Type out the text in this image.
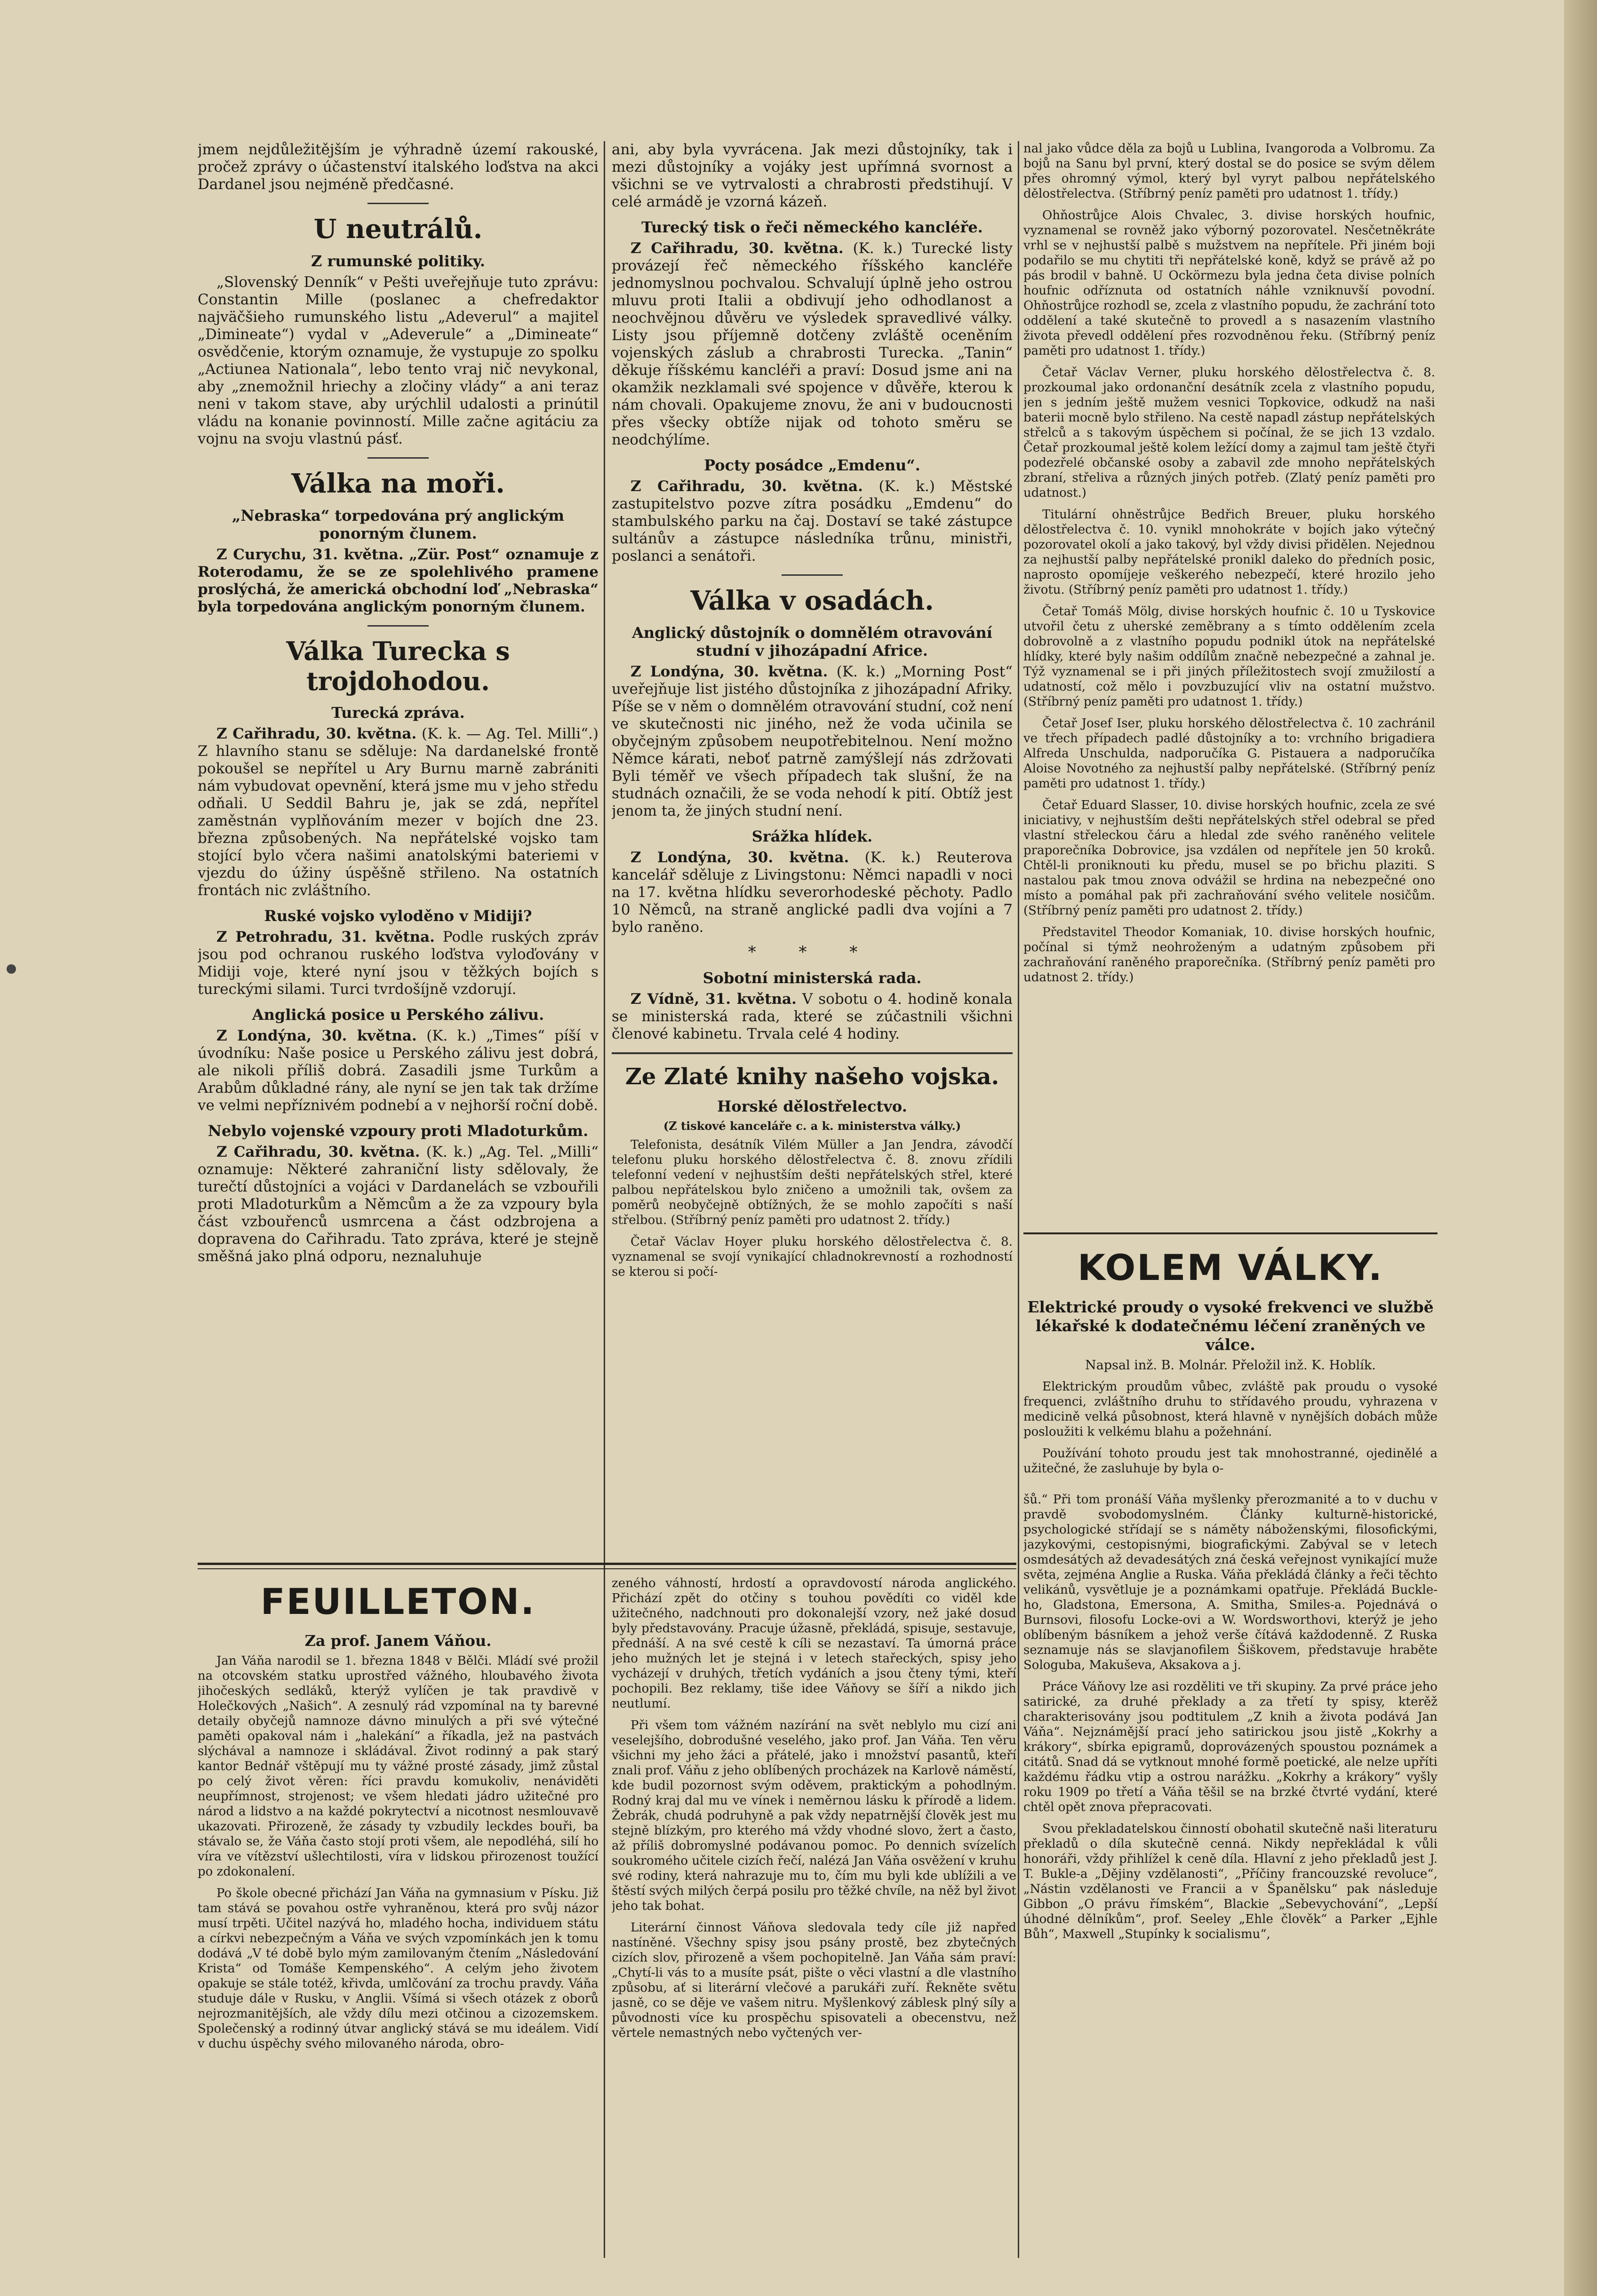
jmem nejdůležitějším je výhradně území rakouské, pročež zprávy o účastenství italského loďstva na akci Dardanel jsou nejméně předčasné.

U neutrálů.
Z rumunské politiky.

„Slovenský Denník“ v Pešti uveřejňuje tuto zprávu: Constantin Mille (poslanec a chefredaktor najväčšieho rumunského listu „Adeverul“ a majiteľ „Dimineate“) vydal v „Adeverule“ a „Dimineate“ osvědčenie, ktorým oznamuje, že vystupuje zo spolku „Actiunea Nationala“, lebo tento vraj nič nevykonal, aby „znemožnil hriechy a zločiny vlády“ a ani teraz neni v takom stave, aby urýchlil udalosti a prinútil vládu na konanie povinností. Mille začne agitáciu za vojnu na svoju vlastnú pásť.

Válka na moři.
„Nebraska“ torpedována prý anglickým ponorným člunem.

Z Curychu, 31. května. „Zür. Post“ oznamuje z Roterodamu, že se ze spolehlivého pramene proslýchá, že americká obchodní loď „Nebraska“ byla torpedována anglickým ponorným člunem.

Válka Turecka s trojdohodou.
Turecká zpráva.

Z Cařihradu, 30. května. (K. k. — Ag. Tel. Milli“.) Z hlavního stanu se sděluje: Na dardanelské frontě pokoušel se nepřítel u Ary Burnu marně zabrániti nám vybudovat opevnění, která jsme mu v jeho středu odňali. U Seddil Bahru je, jak se zdá, nepřítel zaměstnán vyplňováním mezer v bojích dne 23. března způsobených. Na nepřátelské vojsko tam stojící bylo včera našimi anatolskými bateriemi v vjezdu do úžiny úspěšně střileno. Na ostatních frontách nic zvláštního.

Ruské vojsko vyloděno v Midiji?

Z Petrohradu, 31. května. Podle ruských zpráv jsou pod ochranou ruského loďstva vyloďovány v Midiji voje, které nyní jsou v těžkých bojích s tureckými silami. Turci tvrdošíjně vzdorují.

Anglická posice u Perského zálivu.

Z Londýna, 30. května. (K. k.) „Times“ píší v úvodníku: Naše posice u Perského zálivu jest dobrá, ale nikoli příliš dobrá. Zasadili jsme Turkům a Arabům důkladné rány, ale nyní se jen tak tak držíme ve velmi nepříznivém podnebí a v nejhorší roční době.

Nebylo vojenské vzpoury proti Mladoturkům.

Z Cařihradu, 30. května. (K. k.) „Ag. Tel. „Milli“ oznamuje: Některé zahraniční listy sdělovaly, že turečtí důstojníci a vojáci v Dardanelách se vzbouřili proti Mladoturkům a Němcům a že za vzpoury byla část vzbouřenců usmrcena a část odzbrojena a dopravena do Cařihradu. Tato zpráva, které je stejně směšná jako plná odporu, neznaluhuje

ani, aby byla vyvrácena. Jak mezi důstojníky, tak i mezi důstojníky a vojáky jest upřímná svornost a všichni se ve vytrvalosti a chrabrosti předstihují. V celé armádě je vzorná kázeň.

Turecký tisk o řeči německého kancléře.

Z Cařihradu, 30. května. (K. k.) Turecké listy provázejí řeč německého říšského kancléře jednomyslnou pochvalou. Schvalují úplně jeho ostrou mluvu proti Italii a obdivují jeho odhodlanost a neochvějnou důvěru ve výsledek spravedlivé války. Listy jsou příjemně dotčeny zvláště oceněním vojenských záslub a chrabrosti Turecka. „Tanin“ děkuje říšskému kancléři a praví: Dosud jsme ani na okamžik nezklamali své spojence v důvěře, kterou k nám chovali. Opakujeme znovu, že ani v budoucnosti přes všecky obtíže nijak od tohoto směru se neodchýlíme.

Pocty posádce „Emdenu“.

Z Cařihradu, 30. května. (K. k.) Městské zastupitelstvo pozve zítra posádku „Emdenu“ do stambulského parku na čaj. Dostaví se také zástupce sultánův a zástupce následníka trůnu, ministři, poslanci a senátoři.

Válka v osadách.
Anglický důstojník o domnělém otravování studní v jihozápadní Africe.

Z Londýna, 30. května. (K. k.) „Morning Post“ uveřejňuje list jistého důstojníka z jihozápadní Afriky. Píše se v něm o domnělém otravování studní, což není ve skutečnosti nic jiného, než že voda učinila se obyčejným způsobem neupotřebitelnou. Není možno Němce kárati, neboť patrně zamýšlejí nás zdržovati Byli téměř ve všech případech tak slušní, že na studnách označili, že se voda nehodí k pití. Obtíž jest jenom ta, že jiných studní není.

Srážka hlídek.

Z Londýna, 30. května. (K. k.) Reuterova kancelář sděluje z Livingstonu: Němci napadli v noci na 17. května hlídku severorhodeské pěchoty. Padlo 10 Němců, na straně anglické padli dva vojíni a 7 bylo raněno.

* * *
Sobotní ministerská rada.

Z Vídně, 31. května. V sobotu o 4. hodině konala se ministerská rada, které se zúčastnili všichni členové kabinetu. Trvala celé 4 hodiny.

Ze Zlaté knihy našeho vojska.
Horské dělostřelectvo.
(Z tiskové kanceláře c. a k. ministerstva války.)

Telefonista, desátník Vilém Müller a Jan Jendra, závodčí telefonu pluku horského dělostřelectva č. 8. znovu zřídili telefonní vedení v nejhustším dešti nepřátelských střel, které palbou nepřátelskou bylo zničeno a umožnili tak, ovšem za poměrů neobyčejně obtížných, že se mohlo započíti s naší střelbou. (Stříbrný peníz paměti pro udatnost 2. třídy.)

Četař Václav Hoyer pluku horského dělostřelectva č. 8. vyznamenal se svojí vynikající chladnokrevností a rozhodností se kterou si počí-

nal jako vůdce děla za bojů u Lublina, Ivangoroda a Volbromu. Za bojů na Sanu byl první, který dostal se do posice se svým dělem přes ohromný výmol, který byl vyryt palbou nepřátelského dělostřelectva. (Stříbrný peníz paměti pro udatnost 1. třídy.)

Ohňostrůjce Alois Chvalec, 3. divise horských houfnic, vyznamenal se rovněž jako výborný pozorovatel. Nesčetněkráte vrhl se v nejhustší palbě s mužstvem na nepřítele. Při jiném boji podařilo se mu chytiti tři nepřátelské koně, když se právě až po pás brodil v bahně. U Ockörmezu byla jedna četa divise polních houfnic odříznuta od ostatních náhle vzniknuvší povodní. Ohňostrůjce rozhodl se, zcela z vlastního popudu, že zachrání toto oddělení a také skutečně to provedl a s nasazením vlastního života převedl oddělení přes rozvodněnou řeku. (Stříbrný peníz paměti pro udatnost 1. třídy.)

Četař Václav Verner, pluku horského dělostřelectva č. 8. prozkoumal jako ordonanční desátník zcela z vlastního popudu, jen s jedním ještě mužem vesnici Topkovice, odkudž na naši baterii mocně bylo střileno. Na cestě napadl zástup nepřátelských střelců a s takovým úspěchem si počínal, že se jich 13 vzdalo. Četař prozkoumal ještě kolem ležící domy a zajmul tam ještě čtyři podezřelé občanské osoby a zabavil zde mnoho nepřátelských zbraní, střeliva a různých jiných potřeb. (Zlatý peníz paměti pro udatnost.)

Titulární ohněstrůjce Bedřich Breuer, pluku horského dělostřelectva č. 10. vynikl mnohokráte v bojích jako výtečný pozorovatel okolí a jako takový, byl vždy divisi přidělen. Nejednou za nejhustší palby nepřátelské pronikl daleko do předních posic, naprosto opomíjeje veškerého nebezpečí, které hrozilo jeho životu. (Stříbrný peníz paměti pro udatnost 1. třídy.)

Četař Tomáš Mölg, divise horských houfnic č. 10 u Tyskovice utvořil četu z uherské zeměbrany a s tímto oddělením zcela dobrovolně a z vlastního popudu podnikl útok na nepřátelské hlídky, které byly našim oddílům značně nebezpečné a zahnal je. Týž vyznamenal se i při jiných příležitostech svojí zmužilostí a udatností, což mělo i povzbuzující vliv na ostatní mužstvo. (Stříbrný peníz paměti pro udatnost 1. třídy.)

Četař Josef Iser, pluku horského dělostřelectva č. 10 zachránil ve třech případech padlé důstojníky a to: vrchního brigadiera Alfreda Unschulda, nadporučíka G. Pistauera a nadporučíka Aloise Novotného za nejhustší palby nepřátelské. (Stříbrný peníz paměti pro udatnost 1. třídy.)

Četař Eduard Slasser, 10. divise horských houfnic, zcela ze své iniciativy, v nejhustším dešti nepřátelských střel odebral se před vlastní střeleckou čáru a hledal zde svého raněného velitele praporečníka Dobrovice, jsa vzdálen od nepřítele jen 50 kroků. Chtěl-li proniknouti ku předu, musel se po břichu plaziti. S nastalou pak tmou znova odvážil se hrdina na nebezpečné ono místo a pomáhal pak při zachraňování svého velitele nosičům. (Stříbrný peníz paměti pro udatnost 2. třídy.)

Představitel Theodor Komaniak, 10. divise horských houfnic, počínal si týmž neohroženým a udatným způsobem při zachraňování raněného praporečníka. (Stříbrný peníz paměti pro udatnost 2. třídy.)

KOLEM VÁLKY.
Elektrické proudy o vysoké frekvenci ve službě lékařské k dodatečnému léčení zraněných ve válce.
Napsal inž. B. Molnár. Přeložil inž. K. Hoblík.

Elektrickým proudům vůbec, zvláště pak proudu o vysoké frequenci, zvláštního druhu to střídavého proudu, vyhrazena v medicině velká působnost, která hlavně v nynějších dobách může posloužiti k velkému blahu a požehnání.

Používání tohoto proudu jest tak mnohostranné, ojedinělé a užitečné, že zasluhuje by byla o-

šů.“ Při tom pronáší Váňa myšlenky přerozmanité a to v duchu v pravdě svobodomyslném. Články kulturně-historické, psychologické střídají se s náměty náboženskými, filosofickými, jazykovými, cestopisnými, biografickými. Zabýval se v letech osmdesátých až devadesátých zná česká veřejnost vynikající muže světa, zejména Anglie a Ruska. Váňa překládá články a řeči těchto velikánů, vysvětluje je a poznámkami opatřuje. Překládá Buckle-ho, Gladstona, Emersona, A. Smitha, Smiles-a. Pojednává o Burnsovi, filosofu Locke-ovi a W. Wordsworthovi, kterýž je jeho oblíbeným básníkem a jehož verše čítává každodenně. Z Ruska seznamuje nás se slavjanofilem Šiškovem, představuje hraběte Sologuba, Makuševa, Aksakova a j.

Práce Váňovy lze asi rozděliti ve tři skupiny. Za prvé práce jeho satirické, za druhé překlady a za třetí ty spisy, kterěž charakterisovány jsou podtitulem „Z knih a života podává Jan Váňa“. Nejznámější prací jeho satirickou jsou jistě „Kokrhy a krákory“, sbírka epigramů, doprovázených spoustou poznámek a citátů. Snad dá se vytknout mnohé formě poetické, ale nelze upříti každému řádku vtip a ostrou narážku. „Kokrhy a krákory“ vyšly roku 1909 po třetí a Váňa těšil se na brzké čtvrté vydání, které chtěl opět znova přepracovati.

Svou překladatelskou činností obohatil skutečně naši literaturu překladů o díla skutečně cenná. Nikdy nepřekládal k vůli honoráři, vždy přihlížel k ceně díla. Hlavní z jeho překladů jest J. T. Bukle-a „Dějiny vzdělanosti“, „Příčiny francouzské revoluce“, „Nástin vzdělanosti ve Francii a v Španělsku“ pak následuje Gibbon „O právu římském“, Blackie „Sebevychování“, „Lepší úhodné dělníkům“, prof. Seeley „Ehle člověk“ a Parker „Ejhle Bůh“, Maxwell „Stupínky k socialismu“,

FEUILLETON.
Za prof. Janem Váňou.

Jan Váňa narodil se 1. března 1848 v Bělči. Mládí své prožil na otcovském statku uprostřed vážného, hloubavého života jihočeských sedláků, kterýž vylíčen je tak pravdivě v Holečkových „Našich“. A zesnulý rád vzpomínal na ty barevné detaily obyčejů namnoze dávno minulých a při své výtečné paměti opakoval nám i „halekání“ a říkadla, jež na pastvách slýchával a namnoze i skládával. Život rodinný a pak starý kantor Bednář vštěpují mu ty vážné prosté zásady, jimž zůstal po celý život věren: říci pravdu komukoliv, nenáviděti neupřímnost, strojenost; ve všem hledati jádro užitečné pro národ a lidstvo a na každé pokrytectví a nicotnost nesmlouvavě ukazovati. Přirozeně, že zásady ty vzbudily leckdes bouři, ba stávalo se, že Váňa často stojí proti všem, ale nepodléhá, silí ho víra ve vítězství ušlechtilosti, víra v lidskou přirozenost toužící po zdokonalení.

Po škole obecné přichází Jan Váňa na gymnasium v Písku. Již tam stává se povahou ostře vyhraněnou, která pro svůj názor musí trpěti. Učitel nazývá ho, mladého hocha, individuem státu a církvi nebezpečným a Váňa ve svých vzpomínkách jen k tomu dodává „V té době bylo mým zamilovaným čtením „Následování Krista“ od Tomáše Kempenského“. A celým jeho životem opakuje se stále totéž, křivda, umlčování za trochu pravdy. Váňa studuje dále v Rusku, v Anglii. Všímá si všech otázek z oborů nejrozmanitějších, ale vždy dílu mezi otčinou a cizozemskem. Společenský a rodinný útvar anglický stává se mu ideálem. Vidí v duchu úspěchy svého milovaného národa, obro-

zeného váhností, hrdostí a opravdovostí národa anglického. Přichází zpět do otčiny s touhou povědíti co viděl kde užitečného, nadchnouti pro dokonalejší vzory, než jaké dosud byly představovány. Pracuje úžasně, překládá, spisuje, sestavuje, přednáší. A na své cestě k cíli se nezastaví. Ta úmorná práce jeho mužných let je stejná i v letech stařeckých, spisy jeho vycházejí v druhých, třetích vydáních a jsou čteny tými, kteří pochopili. Bez reklamy, tiše idee Váňovy se šíří a nikdo jich neutlumí.

Při všem tom vážném nazírání na svět neblylo mu cizí ani veselejšího, dobrodušné veselého, jako prof. Jan Váňa. Ten věru všichni my jeho žáci a přátelé, jako i množství pasantů, kteří znali prof. Váňu z jeho oblíbených procházek na Karlově náměstí, kde budil pozornost svým oděvem, praktickým a pohodlným. Rodný kraj dal mu ve vínek i neměrnou lásku k přírodě a lidem. Žebrák, chudá podruhyně a pak vždy nepatrnější člověk jest mu stejně blízkým, pro kterého má vždy vhodné slovo, žert a často, až příliš dobromyslné podávanou pomoc. Po dennich svízelích soukromého učitele cizích řečí, nalézá Jan Váňa osvěžení v kruhu své rodiny, která nahrazuje mu to, čím mu byli kde ublížili a ve štěstí svých milých čerpá posilu pro těžké chvíle, na něž byl život jeho tak bohat.

Literární činnost Váňova sledovala tedy cíle již napřed nastíněné. Všechny spisy jsou psány prostě, bez zbytečných cizích slov, přirozeně a všem pochopitelně. Jan Váňa sám praví: „Chytí-li vás to a musíte psát, pište o věci vlastní a dle vlastního způsobu, ať si literární vlečové a parukáři zuří. Řekněte světu jasně, co se děje ve vašem nitru. Myšlenkový záblesk plný síly a původnosti více ku prospěchu spisovateli a obecenstvu, než věrtele nemastných nebo vyčtených ver-
